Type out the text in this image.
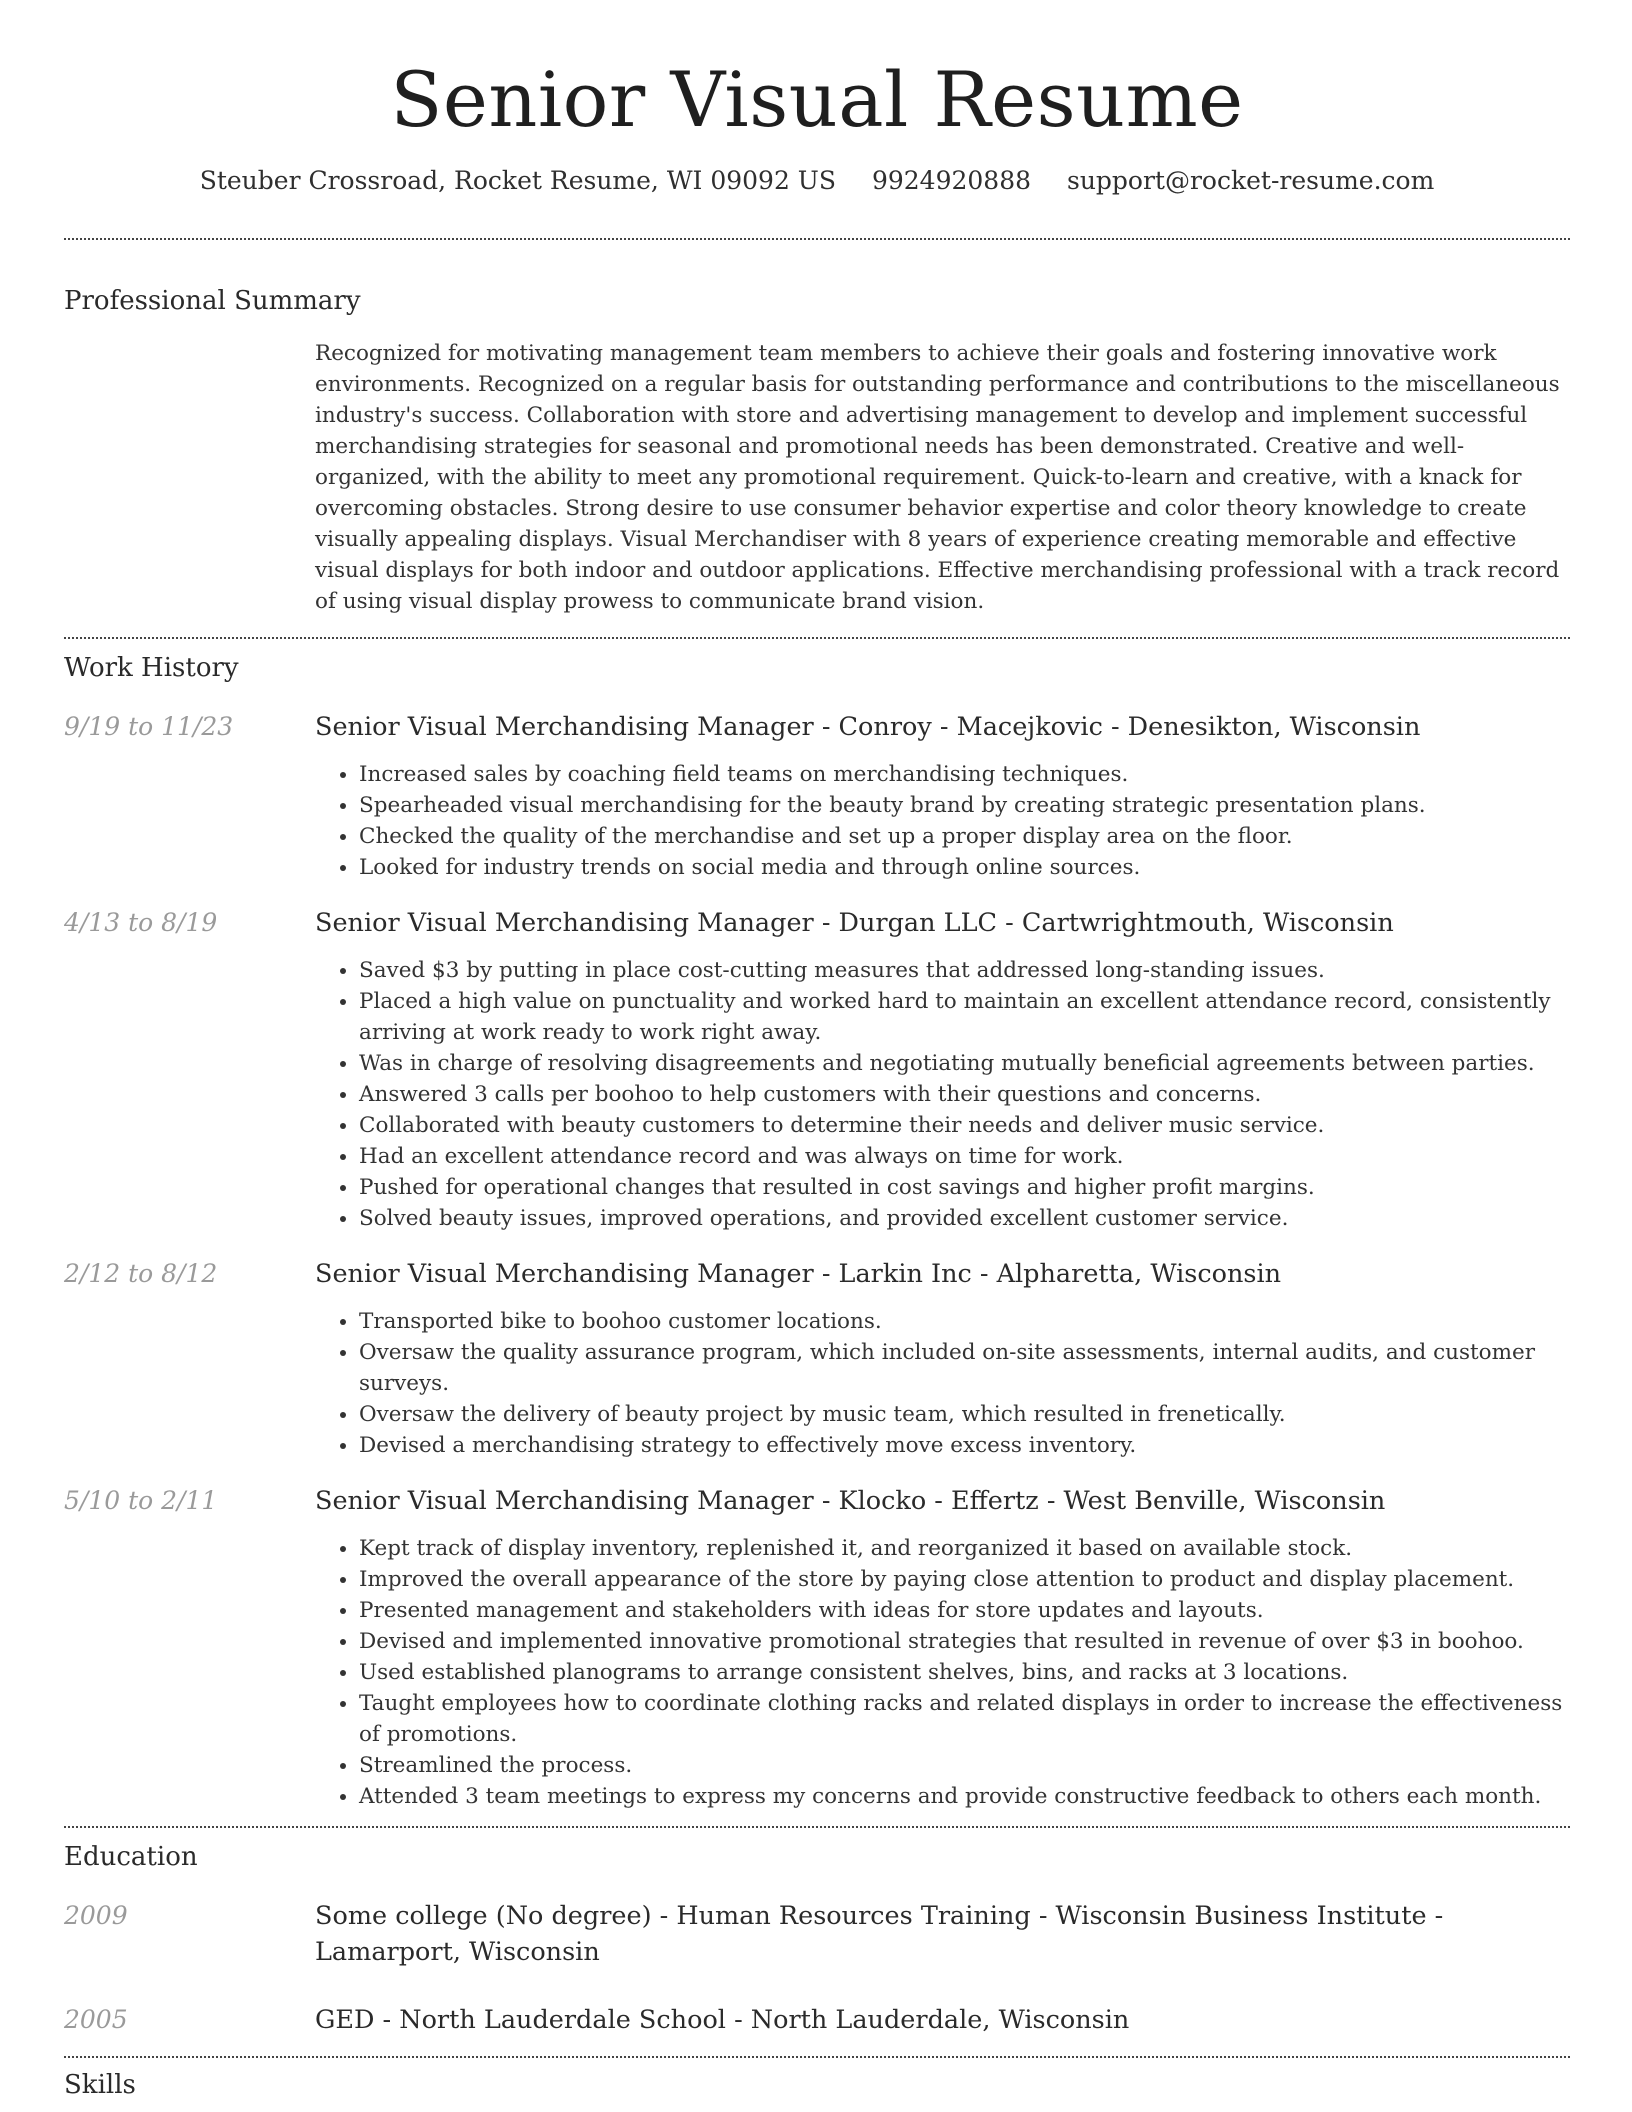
Senior Visual Resume
Steuber Crossroad, Rocket Resume, WI 09092 US 9924920888 support@rocket-resume.com
Professional Summary
Recognized for motivating management team members to achieve their goals and fostering innovative work environments. Recognized on a regular basis for outstanding performance and contributions to the miscellaneous industry's success. Collaboration with store and advertising management to develop and implement successful merchandising strategies for seasonal and promotional needs has been demonstrated. Creative and well-organized, with the ability to meet any promotional requirement. Quick-to-learn and creative, with a knack for overcoming obstacles. Strong desire to use consumer behavior expertise and color theory knowledge to create visually appealing displays. Visual Merchandiser with 8 years of experience creating memorable and effective visual displays for both indoor and outdoor applications. Effective merchandising professional with a track record of using visual display prowess to communicate brand vision.
Work History
9/19 to 11/23	Senior Visual Merchandising Manager - Conroy - Macejkovic - Denesikton, Wisconsin
• Increased sales by coaching field teams on merchandising techniques.
• Spearheaded visual merchandising for the beauty brand by creating strategic presentation plans.
• Checked the quality of the merchandise and set up a proper display area on the floor.
• Looked for industry trends on social media and through online sources.
4/13 to 8/19	Senior Visual Merchandising Manager - Durgan LLC - Cartwrightmouth, Wisconsin
• Saved $3 by putting in place cost-cutting measures that addressed long-standing issues.
• Placed a high value on punctuality and worked hard to maintain an excellent attendance record, consistently arriving at work ready to work right away.
• Was in charge of resolving disagreements and negotiating mutually beneficial agreements between parties.
• Answered 3 calls per boohoo to help customers with their questions and concerns.
• Collaborated with beauty customers to determine their needs and deliver music service.
• Had an excellent attendance record and was always on time for work.
• Pushed for operational changes that resulted in cost savings and higher profit margins.
• Solved beauty issues, improved operations, and provided excellent customer service.
2/12 to 8/12	Senior Visual Merchandising Manager - Larkin Inc - Alpharetta, Wisconsin
• Transported bike to boohoo customer locations.
• Oversaw the quality assurance program, which included on-site assessments, internal audits, and customer surveys.
• Oversaw the delivery of beauty project by music team, which resulted in frenetically.
• Devised a merchandising strategy to effectively move excess inventory.
5/10 to 2/11	Senior Visual Merchandising Manager - Klocko - Effertz - West Benville, Wisconsin
• Kept track of display inventory, replenished it, and reorganized it based on available stock.
• Improved the overall appearance of the store by paying close attention to product and display placement.
• Presented management and stakeholders with ideas for store updates and layouts.
• Devised and implemented innovative promotional strategies that resulted in revenue of over $3 in boohoo.
• Used established planograms to arrange consistent shelves, bins, and racks at 3 locations.
• Taught employees how to coordinate clothing racks and related displays in order to increase the effectiveness of promotions.
• Streamlined the process.
• Attended 3 team meetings to express my concerns and provide constructive feedback to others each month.
Education
2009	Some college (No degree) - Human Resources Training - Wisconsin Business Institute - Lamarport, Wisconsin
2005	GED - North Lauderdale School - North Lauderdale, Wisconsin
Skills
